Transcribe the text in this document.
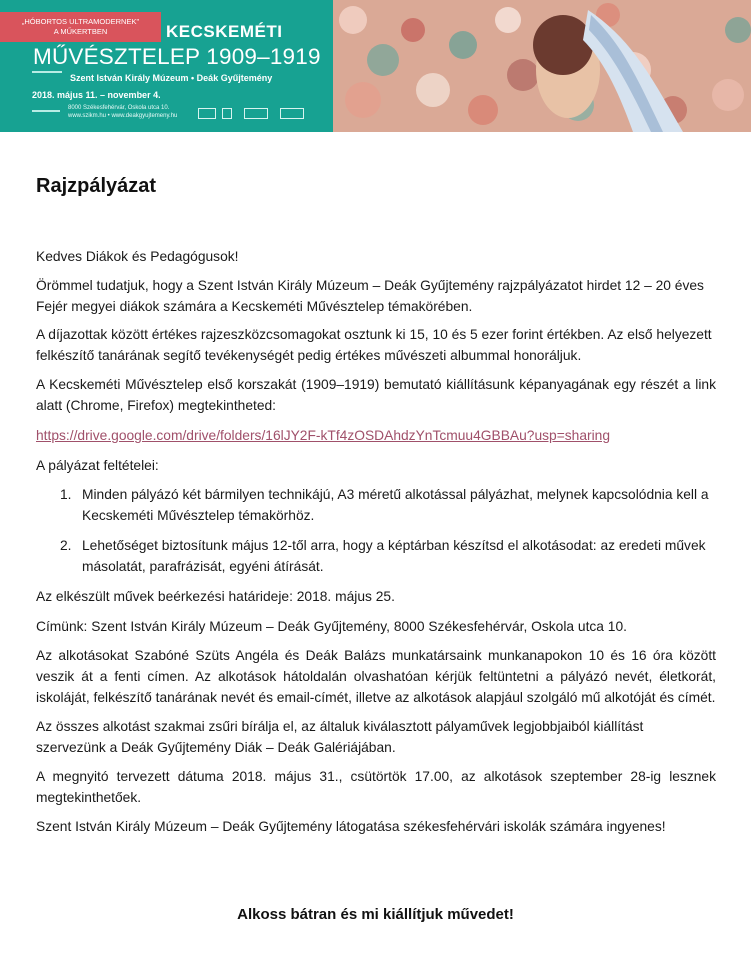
„HÓBORTOS ULTRAMODERNEK"
A MŰKERTBEN	KECSKEMÉTI
MŰVÉSZTELEP 1909–1919
Szent István Király Múzeum • Deák Gyűjtemény
2018. május 11. – november 4.
8000 Székesfehérvár, Oskola utca 10.
www.szikm.hu • www.deakgyujtemeny.hu
Rajzpályázat
Kedves Diákok és Pedagógusok!
Örömmel tudatjuk, hogy a Szent István Király Múzeum – Deák Gyűjtemény rajzpályázatot hirdet 12 – 20 éves Fejér megyei diákok számára a Kecskeméti Művésztelep témakörében.
A díjazottak között értékes rajzeszközcsomagokat osztunk ki 15, 10 és 5 ezer forint értékben. Az első helyezett felkészítő tanárának segítő tevékenységét pedig értékes művészeti albummal honoráljuk.
A Kecskeméti Művésztelep első korszakát (1909–1919) bemutató kiállításunk képanyagának egy részét a link alatt (Chrome, Firefox) megtekintheted:
https://drive.google.com/drive/folders/16lJY2F-kTf4zOSDAhdzYnTcmuu4GBBAu?usp=sharing
A pályázat feltételei:
1. Minden pályázó két bármilyen technikájú, A3 méretű alkotással pályázhat, melynek kapcsolódnia kell a Kecskeméti Művésztelep témakörhöz.
2. Lehetőséget biztosítunk május 12-től arra, hogy a képtárban készítsd el alkotásodat: az eredeti művek másolatát, parafrázisát, egyéni átírását.
Az elkészült művek beérkezési határideje: 2018. május 25.
Címünk: Szent István Király Múzeum – Deák Gyűjtemény, 8000 Székesfehérvár, Oskola utca 10.
Az alkotásokat Szabóné Szüts Angéla és Deák Balázs munkatársaink munkanapokon 10 és 16 óra között veszik át a fenti címen. Az alkotások hátoldalán olvashatóan kérjük feltüntetni a pályázó nevét, életkorát, iskoláját, felkészítő tanárának nevét és email-címét, illetve az alkotások alapjául szolgáló mű alkotóját és címét.
Az összes alkotást szakmai zsűri bírálja el, az általuk kiválasztott pályaművek legjobbjaiból kiállítást szervezünk a Deák Gyűjtemény Diák – Deák Galériájában.
A megnyitó tervezett dátuma 2018. május 31., csütörtök 17.00, az alkotások szeptember 28-ig lesznek megtekinthetőek.
Szent István Király Múzeum – Deák Gyűjtemény látogatása székesfehérvári iskolák számára ingyenes!
Alkoss bátran és mi kiállítjuk művedet!
